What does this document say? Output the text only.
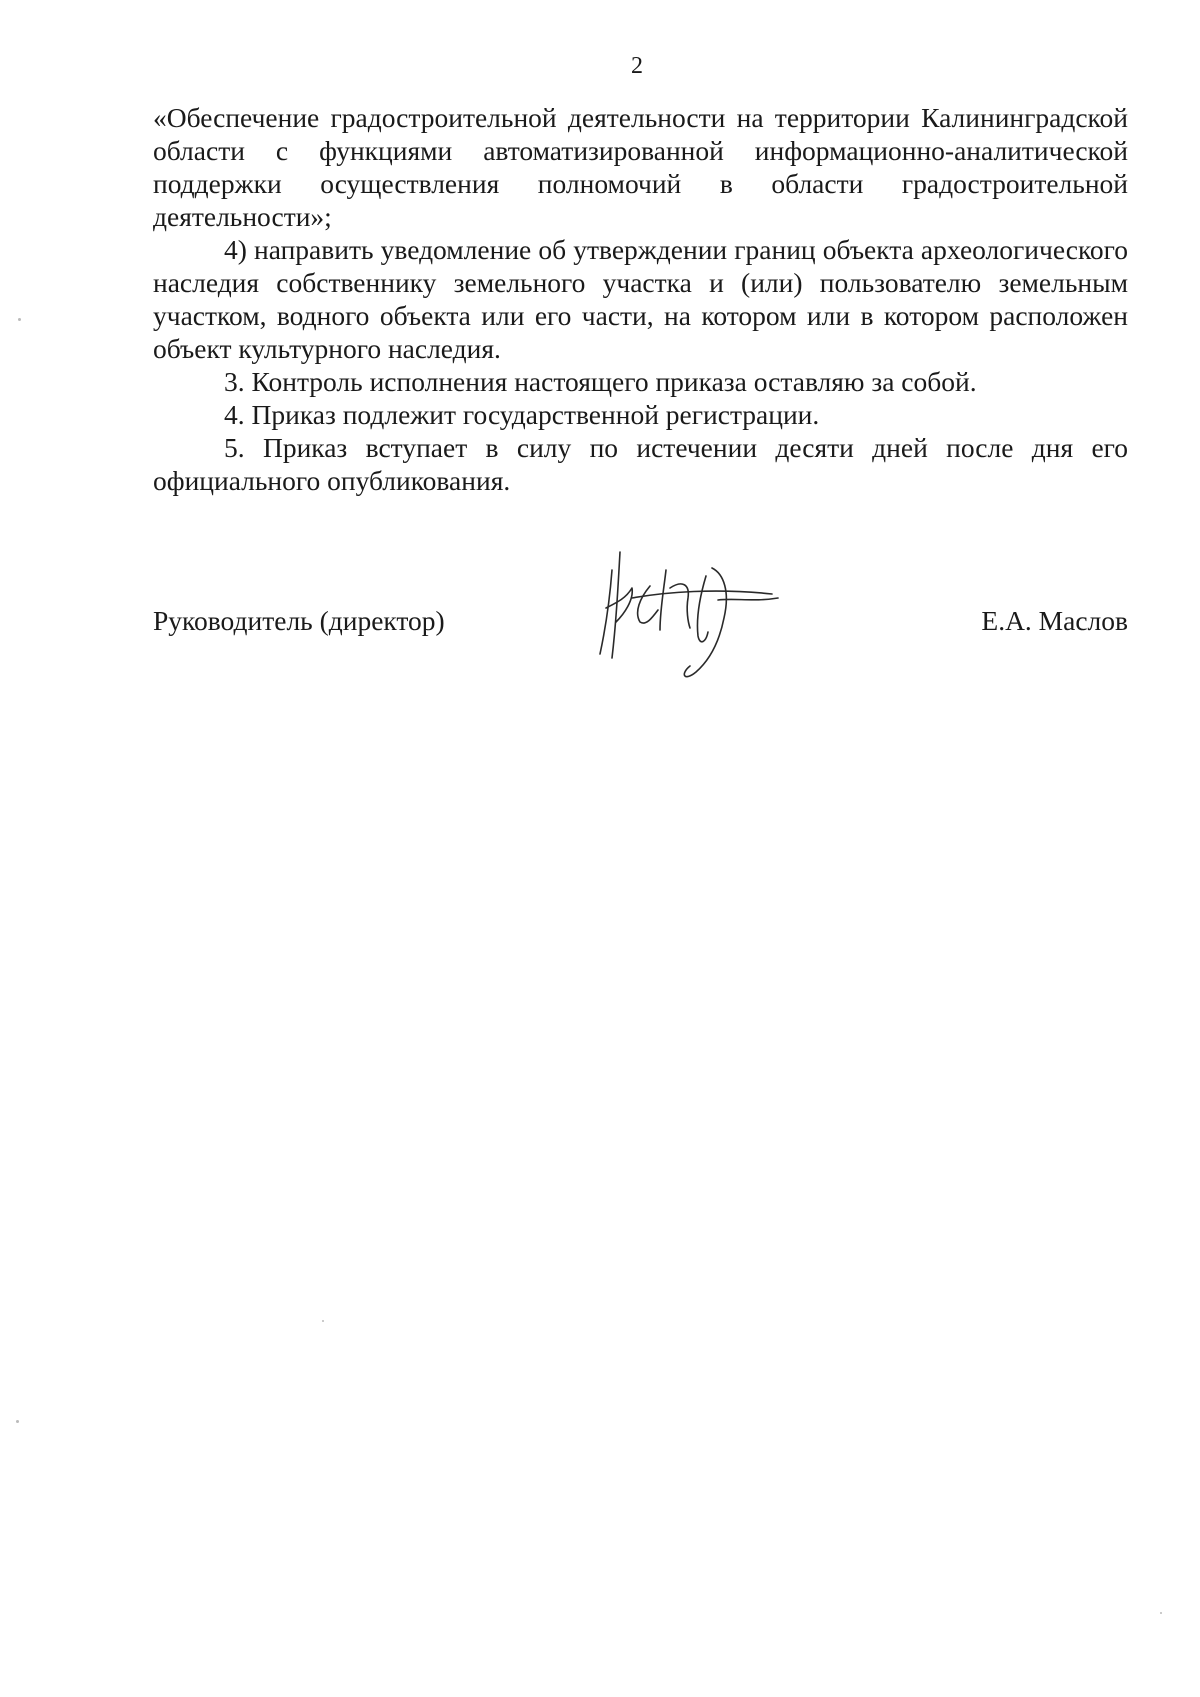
2

«Обеспечение градостроительной деятельности на территории Калининградской области с функциями автоматизированной информационно-аналитической поддержки осуществления полномочий в области градостроительной деятельности»;

4) направить уведомление об утверждении границ объекта археологического наследия собственнику земельного участка и (или) пользователю земельным участком, водного объекта или его части, на котором или в котором расположен объект культурного наследия.

3. Контроль исполнения настоящего приказа оставляю за собой.

4. Приказ подлежит государственной регистрации.

5. Приказ вступает в силу по истечении десяти дней после дня его официального опубликования.

Руководитель (директор)	Е.А. Маслов
